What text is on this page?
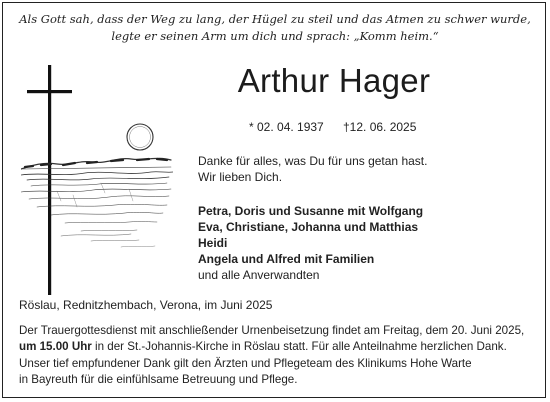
Als Gott sah, dass der Weg zu lang, der Hügel zu steil und das Atmen zu schwer wurde,
legte er seinen Arm um dich und sprach: „Komm heim.“
Arthur Hager
* 02. 04. 1937 †12. 06. 2025
Danke für alles, was Du für uns getan hast.
Wir lieben Dich.
Petra, Doris und Susanne mit Wolfgang
Eva, Christiane, Johanna und Matthias
Heidi
Angela und Alfred mit Familien
und alle Anverwandten
Röslau, Rednitzhembach, Verona, im Juni 2025
Der Trauergottesdienst mit anschließender Urnenbeisetzung findet am Freitag, dem 20. Juni 2025,
um 15.00 Uhr in der St.-Johannis-Kirche in Röslau statt. Für alle Anteilnahme herzlichen Dank.
Unser tief empfundener Dank gilt den Ärzten und Pflegeteam des Klinikums Hohe Warte
in Bayreuth für die einfühlsame Betreuung und Pflege.
